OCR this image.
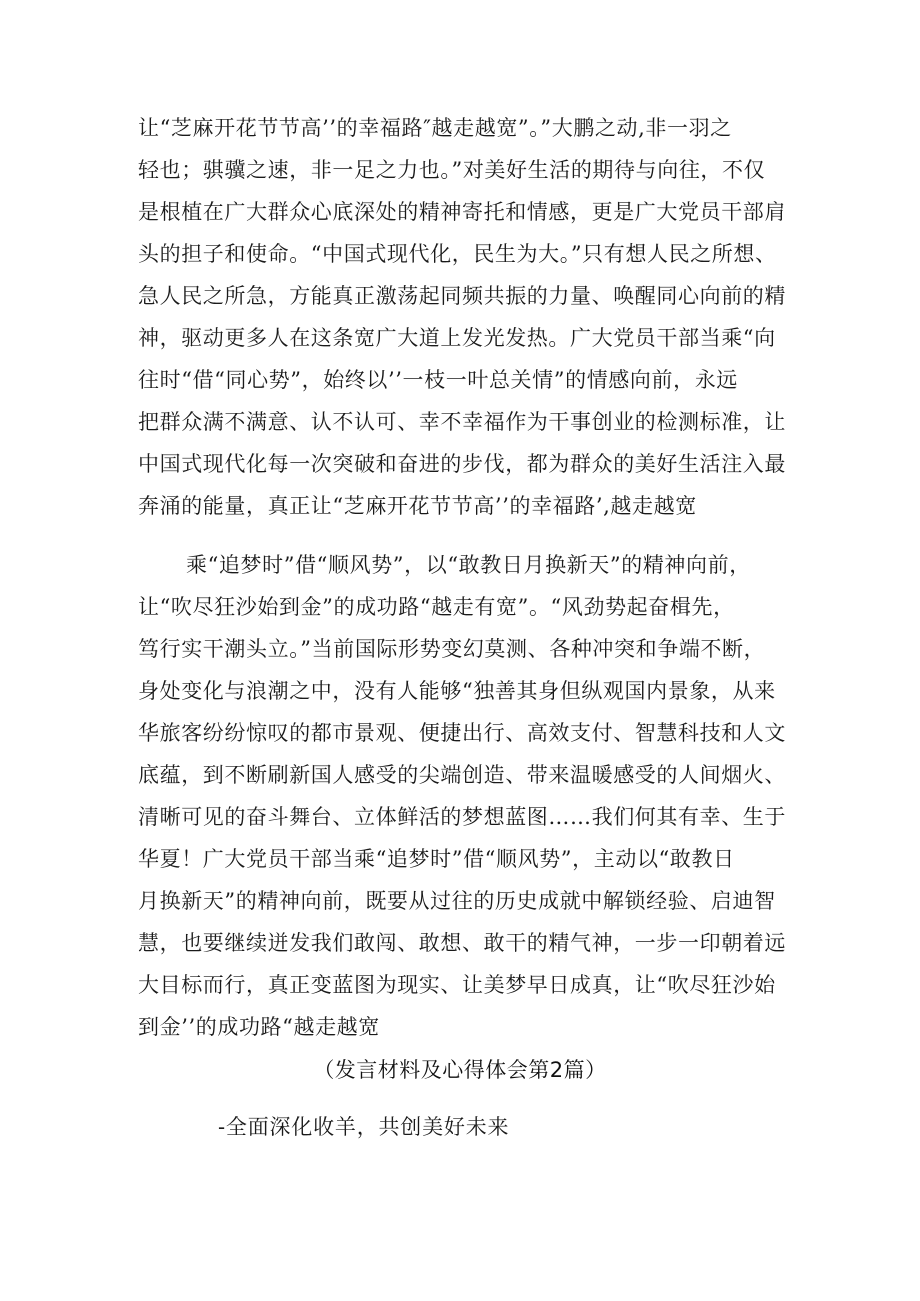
让“芝麻开花节节高’’的幸福路″越走越宽”。”大鹏之动,非一羽之
轻也；骐骥之速，非一足之力也。”对美好生活的期待与向往，不仅
是根植在广大群众心底深处的精神寄托和情感，更是广大党员干部肩
头的担子和使命。“中国式现代化，民生为大。”只有想人民之所想、
急人民之所急，方能真正激荡起同频共振的力量、唤醒同心向前的精
神，驱动更多人在这条宽广大道上发光发热。广大党员干部当乘“向
往时“借“同心势”，始终以’’一枝一叶总关情”的情感向前，永远
把群众满不满意、认不认可、幸不幸福作为干事创业的检测标准，让
中国式现代化每一次突破和奋进的步伐，都为群众的美好生活注入最
奔涌的能量，真正让“芝麻开花节节高’’的幸福路’,越走越宽
乘“追梦时”借“顺风势”，以“敢教日月换新天”的精神向前，
让“吹尽狂沙始到金”的成功路“越走有宽”。“风劲势起奋楫先，
笃行实干潮头立。”当前国际形势变幻莫测、各种冲突和争端不断，
身处变化与浪潮之中，没有人能够“独善其身但纵观国内景象，从来
华旅客纷纷惊叹的都市景观、便捷出行、高效支付、智慧科技和人文
底蕴，到不断刷新国人感受的尖端创造、带来温暖感受的人间烟火、
清晰可见的奋斗舞台、立体鲜活的梦想蓝图……我们何其有幸、生于
华夏！广大党员干部当乘“追梦时”借“顺风势”，主动以“敢教日
月换新天”的精神向前，既要从过往的历史成就中解锁经验、启迪智
慧，也要继续迸发我们敢闯、敢想、敢干的精气神，一步一印朝着远
大目标而行，真正变蓝图为现实、让美梦早日成真，让“吹尽狂沙始
到金’’的成功路“越走越宽
（发言材料及心得体会第2篇）
-全面深化收羊，共创美好未来
